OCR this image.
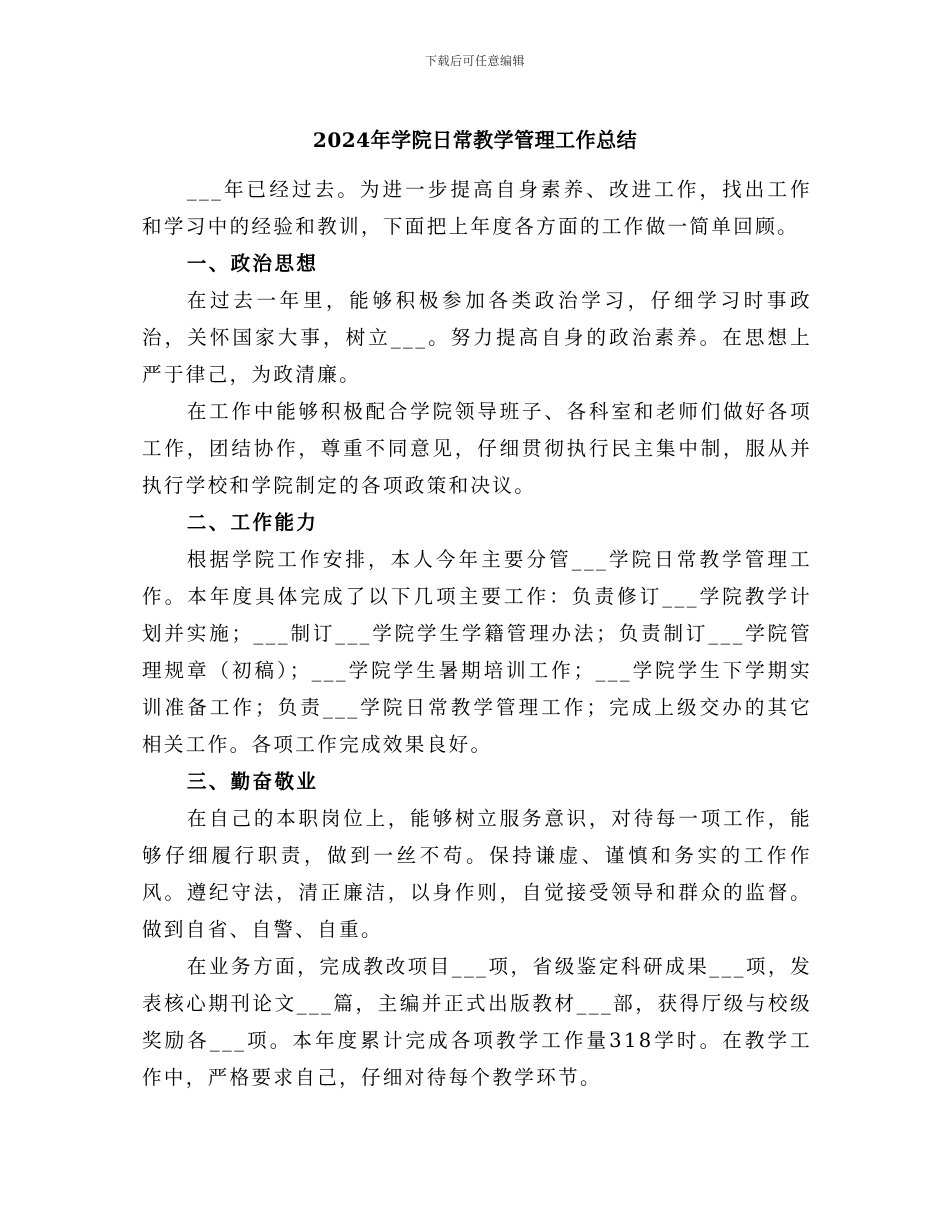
下载后可任意编辑
2024年学院日常教学管理工作总结

___年已经过去。为进一步提高自身素养、改进工作，找出工作和学习中的经验和教训，下面把上年度各方面的工作做一简单回顾。

一、政治思想

在过去一年里，能够积极参加各类政治学习，仔细学习时事政治，关怀国家大事，树立___。努力提高自身的政治素养。在思想上严于律己，为政清廉。

在工作中能够积极配合学院领导班子、各科室和老师们做好各项工作，团结协作，尊重不同意见，仔细贯彻执行民主集中制，服从并执行学校和学院制定的各项政策和决议。

二、工作能力

根据学院工作安排，本人今年主要分管___学院日常教学管理工作。本年度具体完成了以下几项主要工作：负责修订___学院教学计划并实施；___制订___学院学生学籍管理办法；负责制订___学院管理规章（初稿）；___学院学生暑期培训工作；___学院学生下学期实训准备工作；负责___学院日常教学管理工作；完成上级交办的其它相关工作。各项工作完成效果良好。

三、勤奋敬业

在自己的本职岗位上，能够树立服务意识，对待每一项工作，能够仔细履行职责，做到一丝不苟。保持谦虚、谨慎和务实的工作作风。遵纪守法，清正廉洁，以身作则，自觉接受领导和群众的监督。做到自省、自警、自重。

在业务方面，完成教改项目___项，省级鉴定科研成果___项，发表核心期刊论文___篇，主编并正式出版教材___部，获得厅级与校级奖励各___项。本年度累计完成各项教学工作量318学时。在教学工作中，严格要求自己，仔细对待每个教学环节。
